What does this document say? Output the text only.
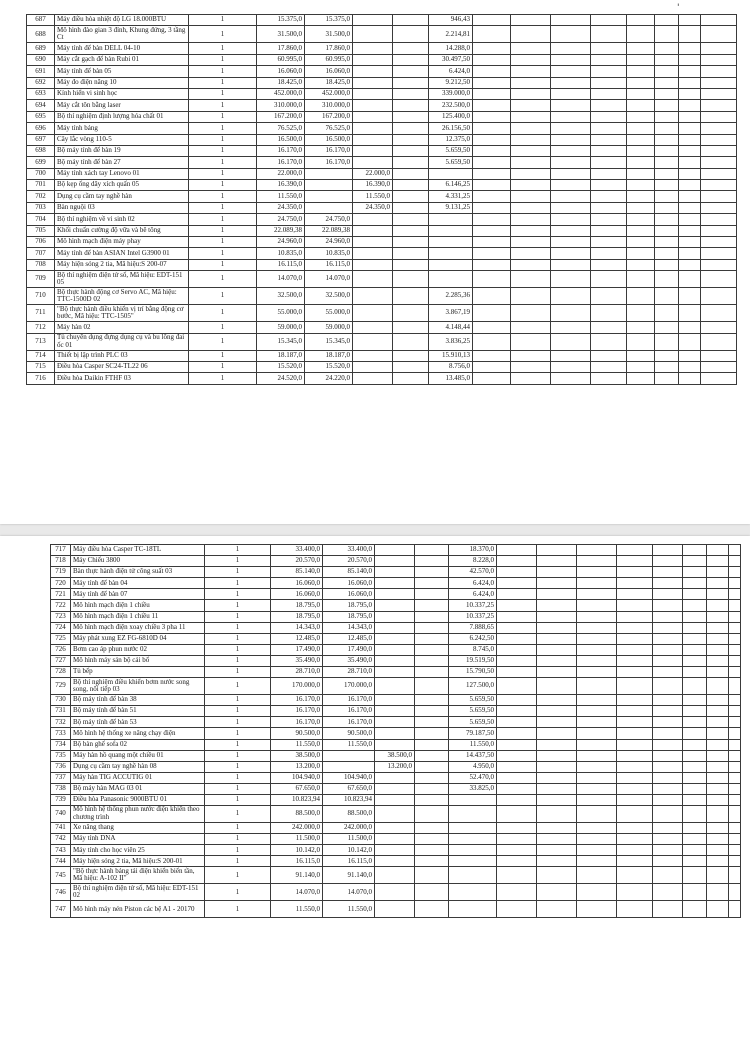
'
687	Máy điều hòa nhiệt độ LG 18.000BTU	1	15.375,0	15.375,0			946,43								
688	Mô hình đào gian 3 đỉnh, Khung đứng, 3 tầng Ct	1	31.500,0	31.500,0			2.214,81								
689	Máy tính để bàn DELL 04-10	1	17.860,0	17.860,0			14.288,0								
690	Máy cắt gạch để bàn Rubi 01	1	60.995,0	60.995,0			30.497,50								
691	Máy tính để bàn 05	1	16.060,0	16.060,0			6.424,0								
692	Máy đo điện năng 10	1	18.425,0	18.425,0			9.212,50								
693	Kính hiển vi sinh học	1	452.000,0	452.000,0			339.000,0								
694	Máy cắt tôn bằng laser	1	310.000,0	310.000,0			232.500,0								
695	Bộ thí nghiệm định lượng hóa chất 01	1	167.200,0	167.200,0			125.400,0								
696	Máy tính bảng	1	76.525,0	76.525,0			26.156,50								
697	Cây lắc vòng 110-5	1	16.500,0	16.500,0			12.375,0								
698	Bộ máy tính để bàn 19	1	16.170,0	16.170,0			5.659,50								
699	Bộ máy tính để bàn 27	1	16.170,0	16.170,0			5.659,50								
700	Máy tính xách tay Lenovo 01	1	22.000,0		22.000,0										
701	Bộ kẹp ống dây xích quấn 05	1	16.390,0		16.390,0		6.146,25								
702	Dụng cụ cầm tay nghề hàn	1	11.550,0		11.550,0		4.331,25								
703	Bàn nguội 03	1	24.350,0		24.350,0		9.131,25								
704	Bộ thí nghiệm về vi sinh 02	1	24.750,0	24.750,0											
705	Khối chuẩn cường độ vữa và bê tông	1	22.089,38	22.089,38											
706	Mô hình mạch điện máy phay	1	24.960,0	24.960,0											
707	Máy tính để bàn ASIAN Intel G3900 01	1	10.835,0	10.835,0											
708	Máy hiện sóng 2 tia, Mã hiệu:S 200-07	1	16.115,0	16.115,0											
709	Bộ thí nghiệm điện tử số, Mã hiệu: EDT-151 05	1	14.070,0	14.070,0											
710	Bộ thực hành động cơ Servo AC, Mã hiệu: TTC-1500D 02	1	32.500,0	32.500,0			2.285,36								
711	"Bộ thực hành điều khiển vị trí bằng động cơ bước, Mã hiệu: TTC-1505"	1	55.000,0	55.000,0			3.867,19								
712	Máy hàn 02	1	59.000,0	59.000,0			4.148,44								
713	Tủ chuyên dụng đựng dụng cụ và bu lông đai ốc 01	1	15.345,0	15.345,0			3.836,25								
714	Thiết bị lập trình PLC 03	1	18.187,0	18.187,0			15.910,13								
715	Điều hòa Casper SC24-TL22 06	1	15.520,0	15.520,0			8.756,0								
716	Điều hòa Daikin FTHF 03	1	24.520,0	24.220,0			13.485,0								
717	Máy điều hòa Casper TC-18TL	1	33.400,0	33.400,0			18.370,0								
718	Máy Chiếu 3800	1	20.570,0	20.570,0			8.228,0								
719	Bàn thực hành điện tử công suất 03	1	85.140,0	85.140,0			42.570,0								
720	Máy tính để bàn 04	1	16.060,0	16.060,0			6.424,0								
721	Máy tính để bàn 07	1	16.060,0	16.060,0			6.424,0								
722	Mô hình mạch điện 1 chiều	1	18.795,0	18.795,0			10.337,25								
723	Mô hình mạch điện 1 chiều 11	1	18.795,0	18.795,0			10.337,25								
724	Mô hình mạch điện xoay chiều 3 pha 11	1	14.343,0	14.343,0			7.888,65								
725	Máy phát xung EZ FG-6810D 04	1	12.485,0	12.485,0			6.242,50								
726	Bơm cao áp phun nước 02	1	17.490,0	17.490,0			8.745,0								
727	Mô hình máy sản bộ cải bổ	1	35.490,0	35.490,0			19.519,50								
728	Tủ bếp	1	28.710,0	28.710,0			15.790,50								
729	Bộ thí nghiệm điều khiển bơm nước song song, nối tiếp 03	1	170.000,0	170.000,0			127.500,0								
730	Bộ máy tính để bàn 38	1	16.170,0	16.170,0			5.659,50								
731	Bộ máy tính để bàn 51	1	16.170,0	16.170,0			5.659,50								
732	Bộ máy tính để bàn 53	1	16.170,0	16.170,0			5.659,50								
733	Mô hình hệ thống xe nâng chạy điện	1	90.500,0	90.500,0			79.187,50								
734	Bộ bàn ghế sofa 02	1	11.550,0	11.550,0			11.550,0								
735	Máy hàn hồ quang một chiều 01	1	38.500,0		38.500,0		14.437,50								
736	Dụng cụ cầm tay nghề hàn 08	1	13.200,0		13.200,0		4.950,0								
737	Máy hàn TIG ACCUTIG 01	1	104.940,0	104.940,0			52.470,0								
738	Bộ máy hàn MAG 03 01	1	67.650,0	67.650,0			33.825,0								
739	Điều hòa Panasonic 9000BTU 01	1	10.823,94	10.823,94											
740	Mô hình hệ thống phun nước điện khiển theo chương trình	1	88.500,0	88.500,0											
741	Xe nâng thang	1	242.000,0	242.000,0											
742	Máy tính DNA	1	11.500,0	11.500,0											
743	Máy tính cho học viên 25	1	10.142,0	10.142,0											
744	Máy hiện sóng 2 tia, Mã hiệu:S 200-01	1	16.115,0	16.115,0											
745	"Bộ thực hành bảng tái điện khiển biến tần, Mã hiệu: A-102 II"	1	91.140,0	91.140,0											
746	Bộ thí nghiệm điện tử số, Mã hiệu: EDT-151 02	1	14.070,0	14.070,0											
747	Mô hình máy nén Piston các bệ A1 - 20170	1	11.550,0	11.550,0											
